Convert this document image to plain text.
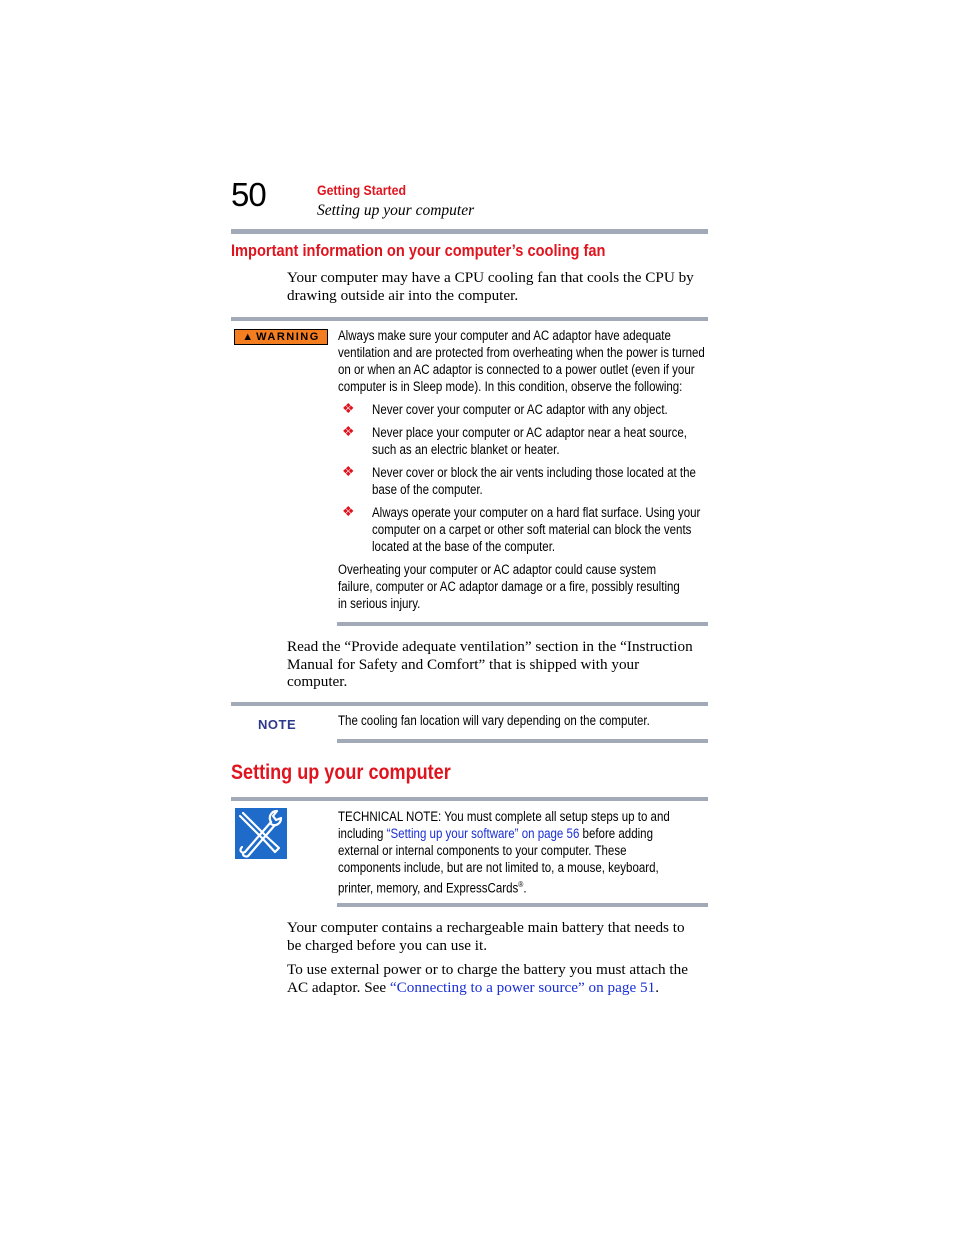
50	Getting Started
Setting up your computer
Important information on your computer’s cooling fan
Your computer may have a CPU cooling fan that cools the CPU by
drawing outside air into the computer.
▲ WARNING Always make sure your computer and AC adaptor have adequate
ventilation and are protected from overheating when the power is turned
on or when an AC adaptor is connected to a power outlet (even if your
computer is in Sleep mode). In this condition, observe the following:
❖ Never cover your computer or AC adaptor with any object.
❖ Never place your computer or AC adaptor near a heat source,
such as an electric blanket or heater.
❖ Never cover or block the air vents including those located at the
base of the computer.
❖ Always operate your computer on a hard flat surface. Using your
computer on a carpet or other soft material can block the vents
located at the base of the computer.
Overheating your computer or AC adaptor could cause system
failure, computer or AC adaptor damage or a fire, possibly resulting
in serious injury.
Read the “Provide adequate ventilation” section in the “Instruction
Manual for Safety and Comfort” that is shipped with your
computer.
NOTE	The cooling fan location will vary depending on the computer.
Setting up your computer
TECHNICAL NOTE: You must complete all setup steps up to and
including “Setting up your software” on page 56 before adding
external or internal components to your computer. These
components include, but are not limited to, a mouse, keyboard,
printer, memory, and ExpressCards®.
Your computer contains a rechargeable main battery that needs to
be charged before you can use it.
To use external power or to charge the battery you must attach the
AC adaptor. See “Connecting to a power source” on page 51.
